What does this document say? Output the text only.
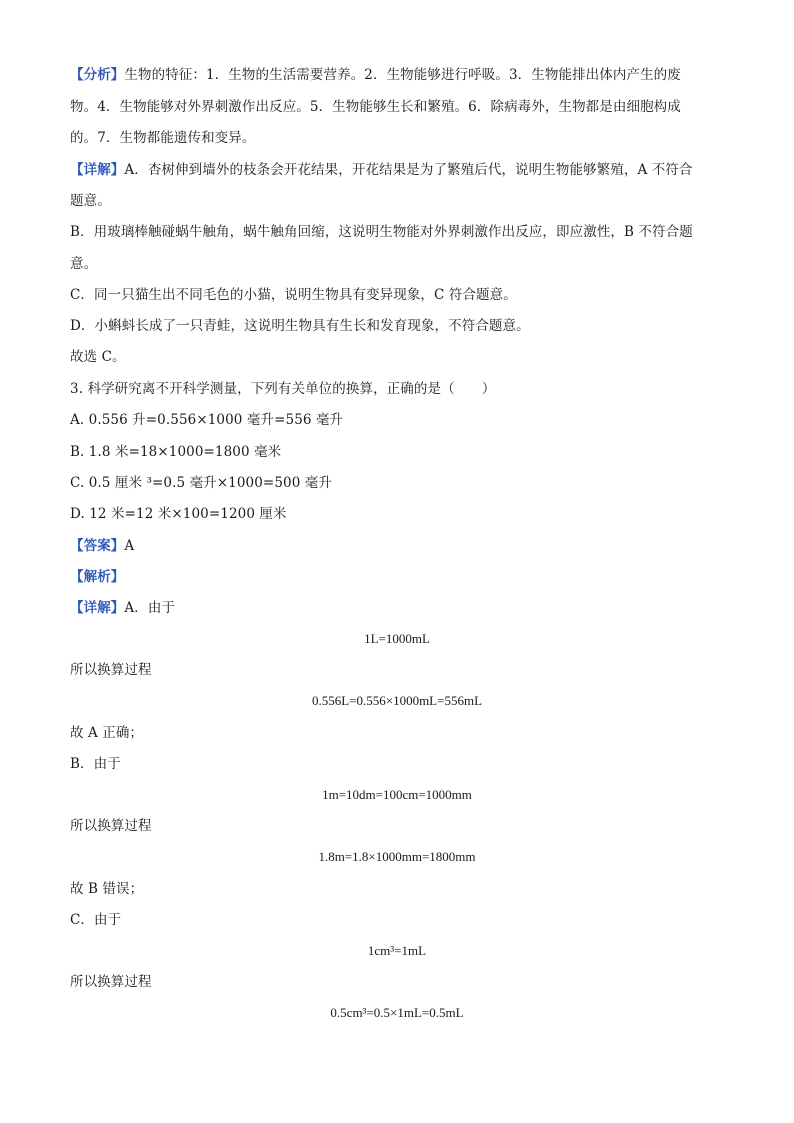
【分析】生物的特征：1．生物的生活需要营养。2．生物能够进行呼吸。3．生物能排出体内产生的废
物。4．生物能够对外界刺激作出反应。5．生物能够生长和繁殖。6．除病毒外，生物都是由细胞构成
的。7．生物都能遗传和变异。
【详解】A．杏树伸到墙外的枝条会开花结果，开花结果是为了繁殖后代，说明生物能够繁殖，A 不符合
题意。
B．用玻璃棒触碰蜗牛触角，蜗牛触角回缩，这说明生物能对外界刺激作出反应，即应激性，B 不符合题
意。
C．同一只猫生出不同毛色的小猫，说明生物具有变异现象，C 符合题意。
D．小蝌蚪长成了一只青蛙，这说明生物具有生长和发育现象，不符合题意。
故选 C。
3. 科学研究离不开科学测量，下列有关单位的换算，正确的是（　　）
A. 0.556 升=0.556×1000 毫升=556 毫升
B. 1.8 米=18×1000=1800 毫米
C. 0.5 厘米 ³=0.5 毫升×1000=500 毫升
D. 12 米=12 米×100=1200 厘米
【答案】A
【解析】
【详解】A．由于
1L=1000mL
所以换算过程
0.556L=0.556×1000mL=556mL
故 A 正确；
B．由于
1m=10dm=100cm=1000mm
所以换算过程
1.8m=1.8×1000mm=1800mm
故 B 错误；
C．由于
1cm³=1mL
所以换算过程
0.5cm³=0.5×1mL=0.5mL
